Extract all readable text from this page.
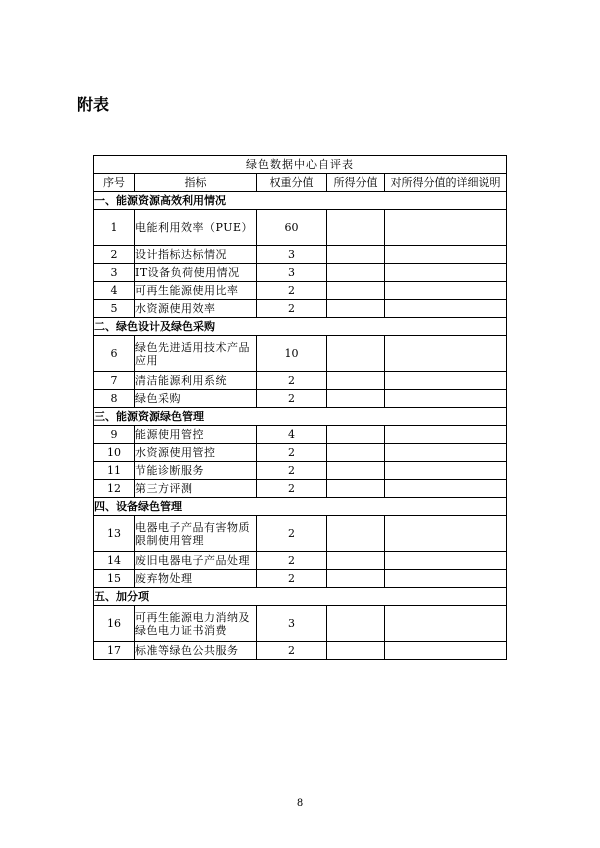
附表
绿色数据中心自评表				
序号	指标	权重分值	所得分值	对所得分值的详细说明
一、能源资源高效利用情况				
1	电能利用效率（PUE）	60		
2	设计指标达标情况	3		
3	IT设备负荷使用情况	3		
4	可再生能源使用比率	2		
5	水资源使用效率	2		
二、绿色设计及绿色采购				
6	绿色先进适用技术产品应用	10		
7	清洁能源利用系统	2		
8	绿色采购	2		
三、能源资源绿色管理				
9	能源使用管控	4		
10	水资源使用管控	2		
11	节能诊断服务	2		
12	第三方评测	2		
四、设备绿色管理				
13	电器电子产品有害物质限制使用管理	2		
14	废旧电器电子产品处理	2		
15	废弃物处理	2		
五、加分项				
16	可再生能源电力消纳及绿色电力证书消费	3		
17	标准等绿色公共服务	2		
8
